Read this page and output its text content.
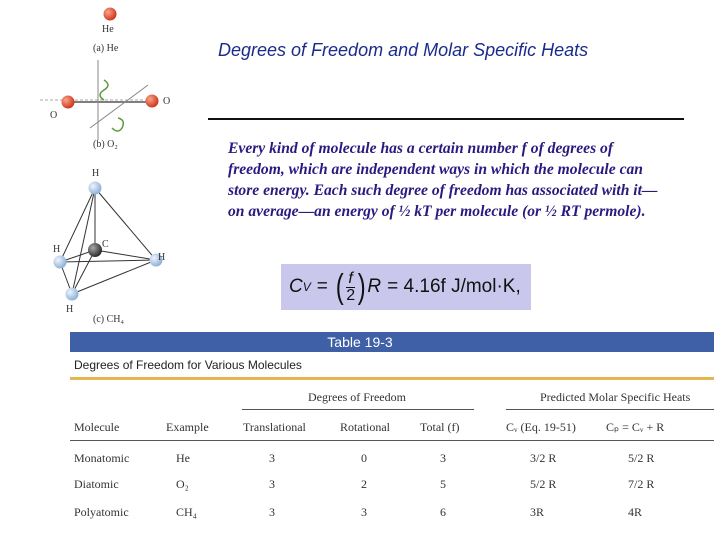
Degrees of Freedom and Molar Specific Heats
Every kind of molecule has a certain number f of degrees of freedom, which are independent ways in which the molecule can store energy. Each such degree of freedom has associated with it—on average—an energy of ½ kT per molecule (or ½ RT permole).
C V = ( $\frac{f}{2}$ ) R = 4.16f J/mol·K,
He
(a) He
O
O
(b) O₂
H
C
H
H
H
(c) CH₄
Table 19-3
Degrees of Freedom for Various Molecules
Degrees of Freedom	Predicted Molar Specific Heats
Molecule	Example	Translational	Rotational	Total (f)	Cᵥ (Eq. 19-51)	Cₚ = Cᵥ + R
Monatomic	He	3	0	3	3/2 R	5/2 R
Diatomic	O₂	3	2	5	5/2 R	7/2 R
Polyatomic	CH₄	3	3	6	3R	4R
